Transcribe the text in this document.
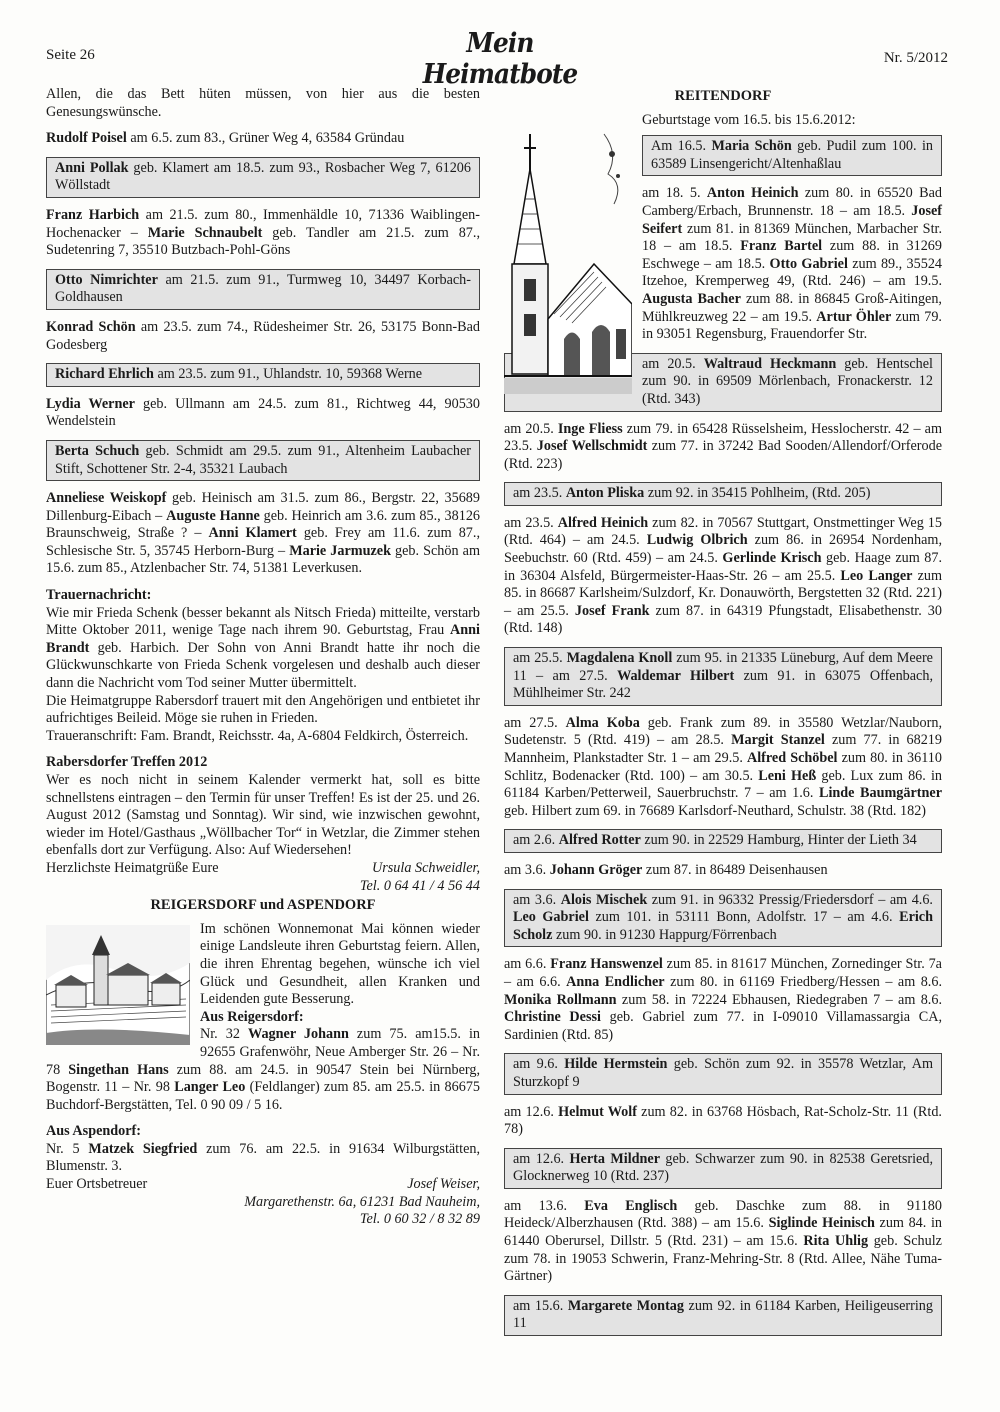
Seite 26	Mein Heimatbote
Nr. 5/2012

Allen, die das Bett hüten müssen, von hier aus die besten Genesungswünsche.

Rudolf Poisel am 6.5. zum 83., Grüner Weg 4, 63584 Gründau

Anni Pollak geb. Klamert am 18.5. zum 93., Rosbacher Weg 7, 61206 Wöllstadt

Franz Harbich am 21.5. zum 80., Immenhäldle 10, 71336 Waiblingen-Hochenacker – Marie Schnaubelt geb. Tandler am 21.5. zum 87., Sudetenring 7, 35510 Butzbach-Pohl-Göns

Otto Nimrichter am 21.5. zum 91., Turmweg 10, 34497 Korbach-Goldhausen

Konrad Schön am 23.5. zum 74., Rüdesheimer Str. 26, 53175 Bonn-Bad Godesberg

Richard Ehrlich am 23.5. zum 91., Uhlandstr. 10, 59368 Werne

Lydia Werner geb. Ullmann am 24.5. zum 81., Richtweg 44, 90530 Wendelstein

Berta Schuch geb. Schmidt am 29.5. zum 91., Altenheim Laubacher Stift, Schottener Str. 2-4, 35321 Laubach

Anneliese Weiskopf geb. Heinisch am 31.5. zum 86., Bergstr. 22, 35689 Dillenburg-Eibach – Auguste Hanne geb. Heinrich am 3.6. zum 85., 38126 Braunschweig, Straße ? – Anni Klamert geb. Frey am 11.6. zum 87., Schlesische Str. 5, 35745 Herborn-Burg – Marie Jarmuzek geb. Schön am 15.6. zum 85., Atzlenbacher Str. 74, 51381 Leverkusen.

Trauernachricht:

Wie mir Frieda Schenk (besser bekannt als Nitsch Frieda) mitteilte, verstarb Mitte Oktober 2011, wenige Tage nach ihrem 90. Geburtstag, Frau Anni Brandt geb. Harbich. Der Sohn von Anni Brandt hatte ihr noch die Glückwunschkarte von Frieda Schenk vorgelesen und deshalb auch dieser dann die Nachricht vom Tod seiner Mutter übermittelt.

Die Heimatgruppe Rabersdorf trauert mit den Angehörigen und entbietet ihr aufrichtiges Beileid. Möge sie ruhen in Frieden.

Traueranschrift: Fam. Brandt, Reichsstr. 4a, A-6804 Feldkirch, Österreich.

Rabersdorfer Treffen 2012

Wer es noch nicht in seinem Kalender vermerkt hat, soll es bitte schnellstens eintragen – den Termin für unser Treffen! Es ist der 25. und 26. August 2012 (Samstag und Sonntag). Wir sind, wie inzwischen gewohnt, wieder im Hotel/Gasthaus „Wöllbacher Tor“ in Wetzlar, die Zimmer stehen ebenfalls dort zur Verfügung. Also: Auf Wiedersehen!

Herzlichste Heimatgrüße Eure	Ursula Schweidler,
Tel. 0 64 41 / 4 56 44
REIGERSDORF und ASPENDORF

Im schönen Wonnemonat Mai können wieder einige Landsleute ihren Geburtstag feiern. Allen, die ihren Ehrentag begehen, wünsche ich viel Glück und Gesundheit, allen Kranken und Leidenden gute Besserung.

Aus Reigersdorf:

Nr. 32 Wagner Johann zum 75. am15.5. in 92655 Grafenwöhr, Neue Amberger Str. 26 – Nr. 78 Singethan Hans zum 88. am 24.5. in 90547 Stein bei Nürnberg, Bogenstr. 11 – Nr. 98 Langer Leo (Feldlanger) zum 85. am 25.5. in 86675 Buchdorf-Bergstätten, Tel. 0 90 09 / 5 16.

Aus Aspendorf:

Nr. 5 Matzek Siegfried zum 76. am 22.5. in 91634 Wilburgstätten, Blumenstr. 3.

Euer Ortsbetreuer	Josef Weiser,
Margarethenstr. 6a, 61231 Bad Nauheim,
Tel. 0 60 32 / 8 32 89
REITENDORF

Geburtstage vom 16.5. bis 15.6.2012:

Am 16.5. Maria Schön geb. Pudil zum 100. in 63589 Linsengericht/Altenhaßlau

am 18. 5. Anton Heinich zum 80. in 65520 Bad Camberg/Erbach, Brunnenstr. 18 – am 18.5. Josef Seifert zum 81. in 81369 München, Marbacher Str. 18 – am 18.5. Franz Bartel zum 88. in 31269 Eschwege – am 18.5. Otto Gabriel zum 89., 35524 Itzehoe, Kremperweg 49, (Rtd. 246) – am 19.5. Augusta Bacher zum 88. in 86845 Groß-Aitingen, Mühlkreuzweg 22 – am 19.5. Artur Öhler zum 79. in 93051 Regensburg, Frauendorfer Str.

am 20.5. Waltraud Heckmann geb. Hentschel zum 90. in 69509 Mörlenbach, Fronackerstr. 12 (Rtd. 343)

am 20.5. Inge Fliess zum 79. in 65428 Rüsselsheim, Hesslocherstr. 42 – am 23.5. Josef Wellschmidt zum 77. in 37242 Bad Sooden/Allendorf/Orferode (Rtd. 223)

am 23.5. Anton Pliska zum 92. in 35415 Pohlheim, (Rtd. 205)

am 23.5. Alfred Heinich zum 82. in 70567 Stuttgart, Onstmettinger Weg 15 (Rtd. 464) – am 24.5. Ludwig Olbrich zum 86. in 26954 Nordenham, Seebuchstr. 60 (Rtd. 459) – am 24.5. Gerlinde Krisch geb. Haage zum 87. in 36304 Alsfeld, Bürgermeister-Haas-Str. 26 – am 25.5. Leo Langer zum 85. in 86687 Karlsheim/Sulzdorf, Kr. Donauwörth, Bergstetten 32 (Rtd. 221) – am 25.5. Josef Frank zum 87. in 64319 Pfungstadt, Elisabethenstr. 30 (Rtd. 148)

am 25.5. Magdalena Knoll zum 95. in 21335 Lüneburg, Auf dem Meere 11 – am 27.5. Waldemar Hilbert zum 91. in 63075 Offenbach, Mühlheimer Str. 242

am 27.5. Alma Koba geb. Frank zum 89. in 35580 Wetzlar/Nauborn, Sudetenstr. 5 (Rtd. 419) – am 28.5. Margit Stanzel zum 77. in 68219 Mannheim, Plankstadter Str. 1 – am 29.5. Alfred Schöbel zum 80. in 36110 Schlitz, Bodenacker (Rtd. 100) – am 30.5. Leni Heß geb. Lux zum 86. in 61184 Karben/Petterweil, Sauerbruchstr. 7 – am 1.6. Linde Baumgärtner geb. Hilbert zum 69. in 76689 Karlsdorf-Neuthard, Schulstr. 38 (Rtd. 182)

am 2.6. Alfred Rotter zum 90. in 22529 Hamburg, Hinter der Lieth 34

am 3.6. Johann Gröger zum 87. in 86489 Deisenhausen

am 3.6. Alois Mischek zum 91. in 96332 Pressig/Friedersdorf – am 4.6. Leo Gabriel zum 101. in 53111 Bonn, Adolfstr. 17 – am 4.6. Erich Scholz zum 90. in 91230 Happurg/Förrenbach

am 6.6. Franz Hanswenzel zum 85. in 81617 München, Zornedinger Str. 7a – am 6.6. Anna Endlicher zum 80. in 61169 Friedberg/Hessen – am 8.6. Monika Rollmann zum 58. in 72224 Ebhausen, Riedegraben 7 – am 8.6. Christine Dessi geb. Gabriel zum 77. in I-09010 Villamassargia CA, Sardinien (Rtd. 85)

am 9.6. Hilde Hermstein geb. Schön zum 92. in 35578 Wetzlar, Am Sturzkopf 9

am 12.6. Helmut Wolf zum 82. in 63768 Hösbach, Rat-Scholz-Str. 11 (Rtd. 78)

am 12.6. Herta Mildner geb. Schwarzer zum 90. in 82538 Geretsried, Glocknerweg 10 (Rtd. 237)

am 13.6. Eva Englisch geb. Daschke zum 88. in 91180 Heideck/Alberzhausen (Rtd. 388) – am 15.6. Siglinde Heinisch zum 84. in 61440 Oberursel, Dillstr. 5 (Rtd. 231) – am 15.6. Rita Uhlig geb. Schulz zum 78. in 19053 Schwerin, Franz-Mehring-Str. 8 (Rtd. Allee, Nähe Tuma-Gärtner)

am 15.6. Margarete Montag zum 92. in 61184 Karben, Heiligeuserring 11
